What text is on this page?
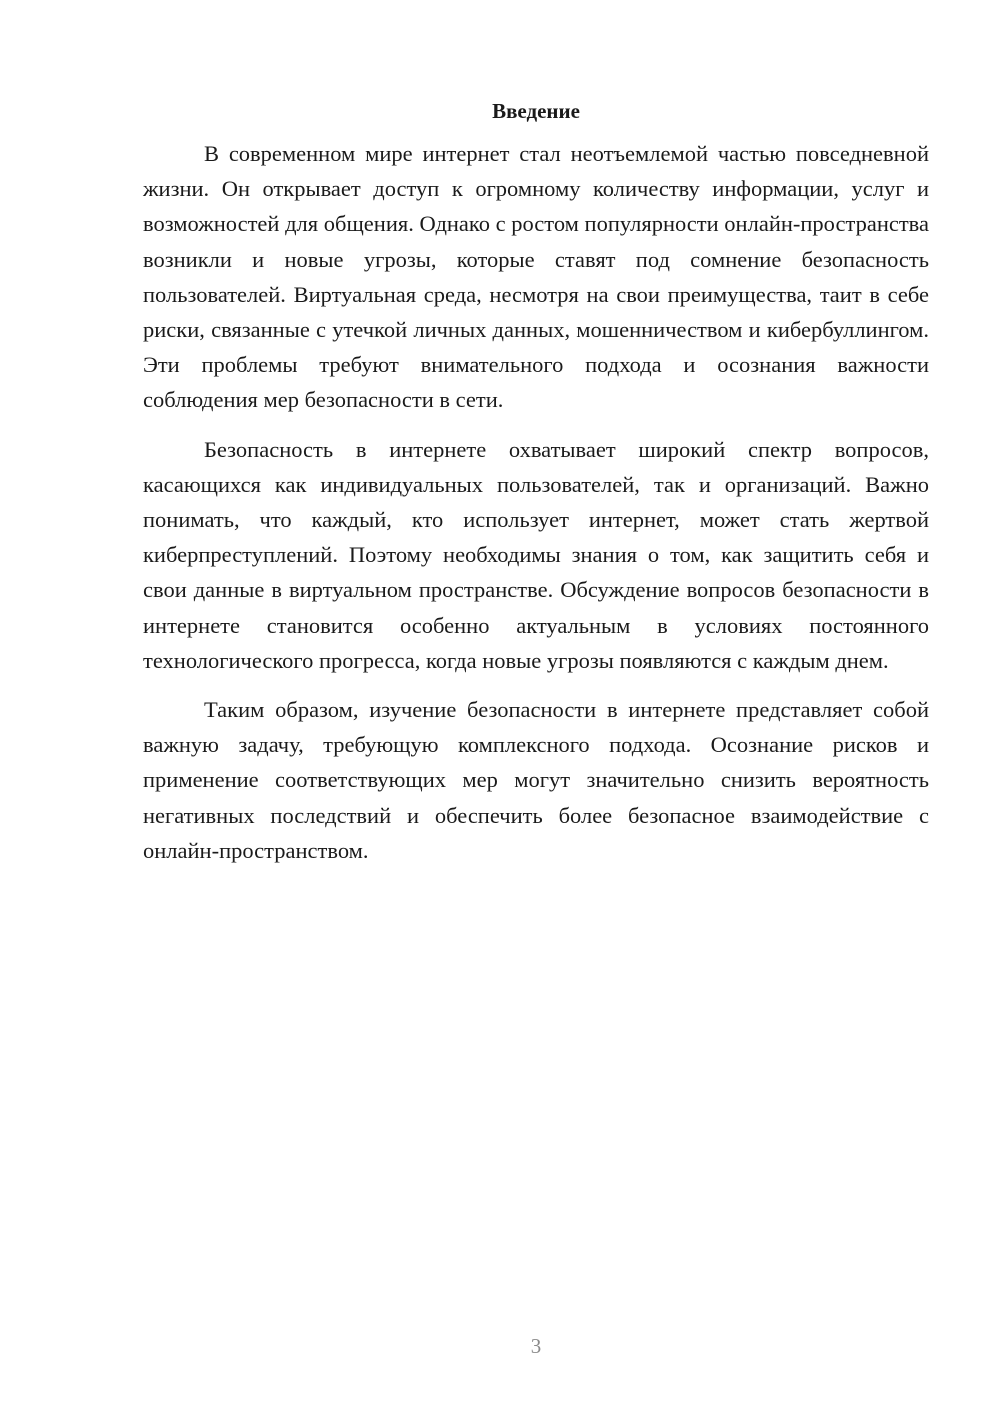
Введение

В современном мире интернет стал неотъемлемой частью повседневной жизни. Он открывает доступ к огромному количеству информации, услуг и возможностей для общения. Однако с ростом популярности онлайн-пространства возникли и новые угрозы, которые ставят под сомнение безопасность пользователей. Виртуальная среда, несмотря на свои преимущества, таит в себе риски, связанные с утечкой личных данных, мошенничеством и кибербуллингом. Эти проблемы требуют внимательного подхода и осознания важности соблюдения мер безопасности в сети.

Безопасность в интернете охватывает широкий спектр вопросов, касающихся как индивидуальных пользователей, так и организаций. Важно понимать, что каждый, кто использует интернет, может стать жертвой киберпреступлений. Поэтому необходимы знания о том, как защитить себя и свои данные в виртуальном пространстве. Обсуждение вопросов безопасности в интернете становится особенно актуальным в условиях постоянного технологического прогресса, когда новые угрозы появляются с каждым днем.

Таким образом, изучение безопасности в интернете представляет собой важную задачу, требующую комплексного подхода. Осознание рисков и применение соответствующих мер могут значительно снизить вероятность негативных последствий и обеспечить более безопасное взаимодействие с онлайн-пространством.

3
